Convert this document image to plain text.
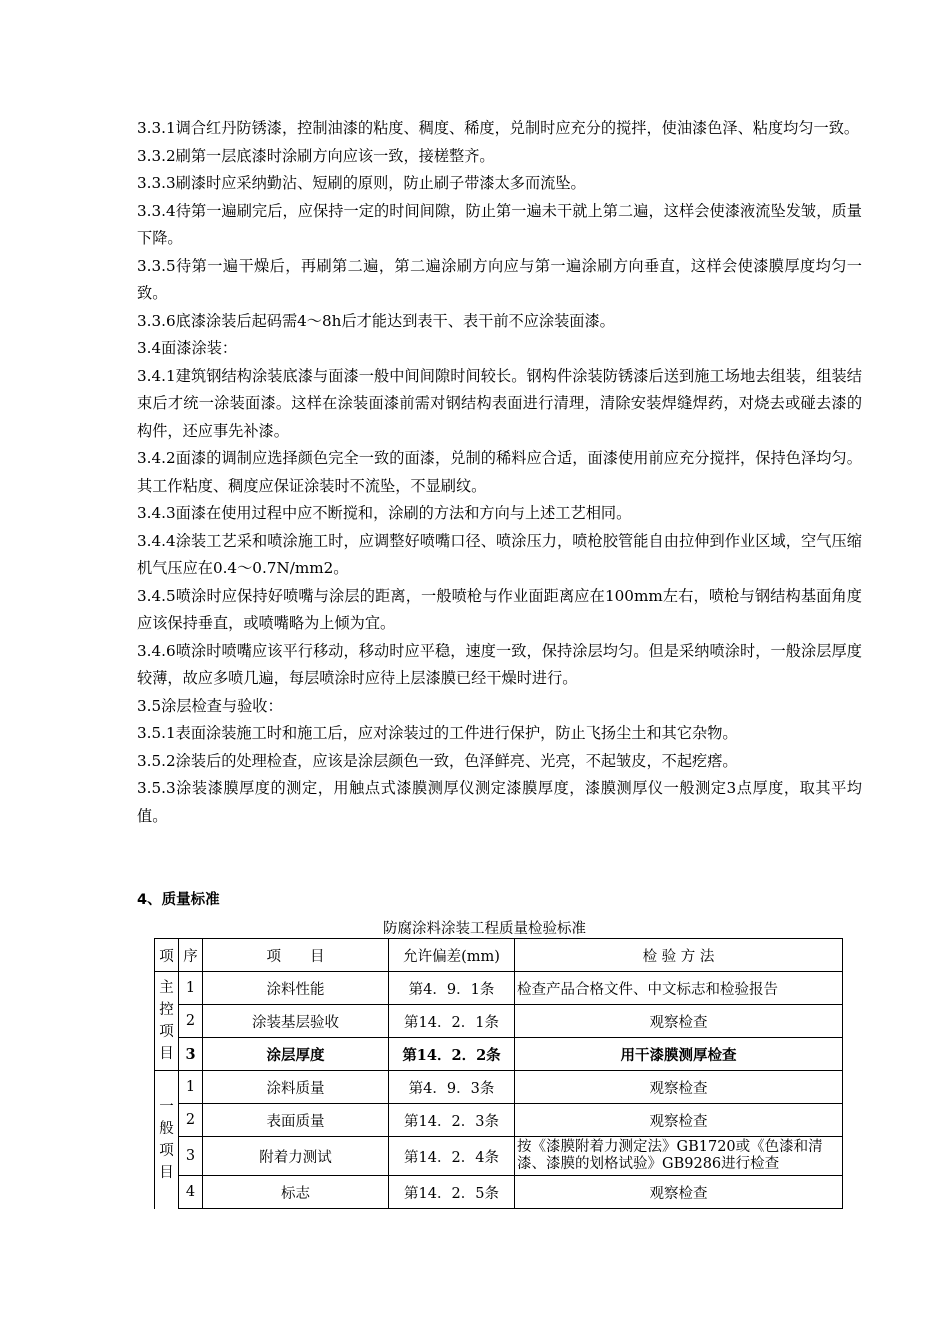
3.3.1调合红丹防锈漆，控制油漆的粘度、稠度、稀度，兑制时应充分的搅拌，使油漆色泽、粘度均匀一致。

3.3.2刷第一层底漆时涂刷方向应该一致，接槎整齐。

3.3.3刷漆时应采纳勤沾、短刷的原则，防止刷子带漆太多而流坠。

3.3.4待第一遍刷完后，应保持一定的时间间隙，防止第一遍未干就上第二遍，这样会使漆液流坠发皱，质量下降。

3.3.5待第一遍干燥后，再刷第二遍，第二遍涂刷方向应与第一遍涂刷方向垂直，这样会使漆膜厚度均匀一致。

3.3.6底漆涂装后起码需4～8h后才能达到表干、表干前不应涂装面漆。

3.4面漆涂装：

3.4.1建筑钢结构涂装底漆与面漆一般中间间隙时间较长。钢构件涂装防锈漆后送到施工场地去组装，组装结束后才统一涂装面漆。这样在涂装面漆前需对钢结构表面进行清理，清除安装焊缝焊药，对烧去或碰去漆的构件，还应事先补漆。

3.4.2面漆的调制应选择颜色完全一致的面漆，兑制的稀料应合适，面漆使用前应充分搅拌，保持色泽均匀。其工作粘度、稠度应保证涂装时不流坠，不显刷纹。

3.4.3面漆在使用过程中应不断搅和，涂刷的方法和方向与上述工艺相同。

3.4.4涂装工艺采和喷涂施工时，应调整好喷嘴口径、喷涂压力，喷枪胶管能自由拉伸到作业区域，空气压缩机气压应在0.4～0.7N/mm2。

3.4.5喷涂时应保持好喷嘴与涂层的距离，一般喷枪与作业面距离应在100mm左右，喷枪与钢结构基面角度应该保持垂直，或喷嘴略为上倾为宜。

3.4.6喷涂时喷嘴应该平行移动，移动时应平稳，速度一致，保持涂层均匀。但是采纳喷涂时，一般涂层厚度较薄，故应多喷几遍，每层喷涂时应待上层漆膜已经干燥时进行。

3.5涂层检查与验收：

3.5.1表面涂装施工时和施工后，应对涂装过的工件进行保护，防止飞扬尘土和其它杂物。

3.5.2涂装后的处理检查，应该是涂层颜色一致，色泽鲜亮、光亮，不起皱皮，不起疙瘩。

3.5.3涂装漆膜厚度的测定，用触点式漆膜测厚仪测定漆膜厚度，漆膜测厚仪一般测定3点厚度，取其平均值。

4、质量标准
防腐涂料涂装工程质量检验标准
项	序	项　　目	允许偏差(mm)	检 验 方 法
主
控
项
目	1	涂料性能	第4．9．1条	检查产品合格文件、中文标志和检验报告
	2	涂装基层验收	第14．2．1条	观察检查
	3	涂层厚度	第14．2．2条	用干漆膜测厚检查
一
般
项
目	1	涂料质量	第4．9．3条	观察检查
	2	表面质量	第14．2．3条	观察检查
	3	附着力测试	第14．2．4条	按《漆膜附着力测定法》GB1720或《色漆和清漆、漆膜的划格试验》GB9286进行检查
	4	标志	第14．2．5条	观察检查
